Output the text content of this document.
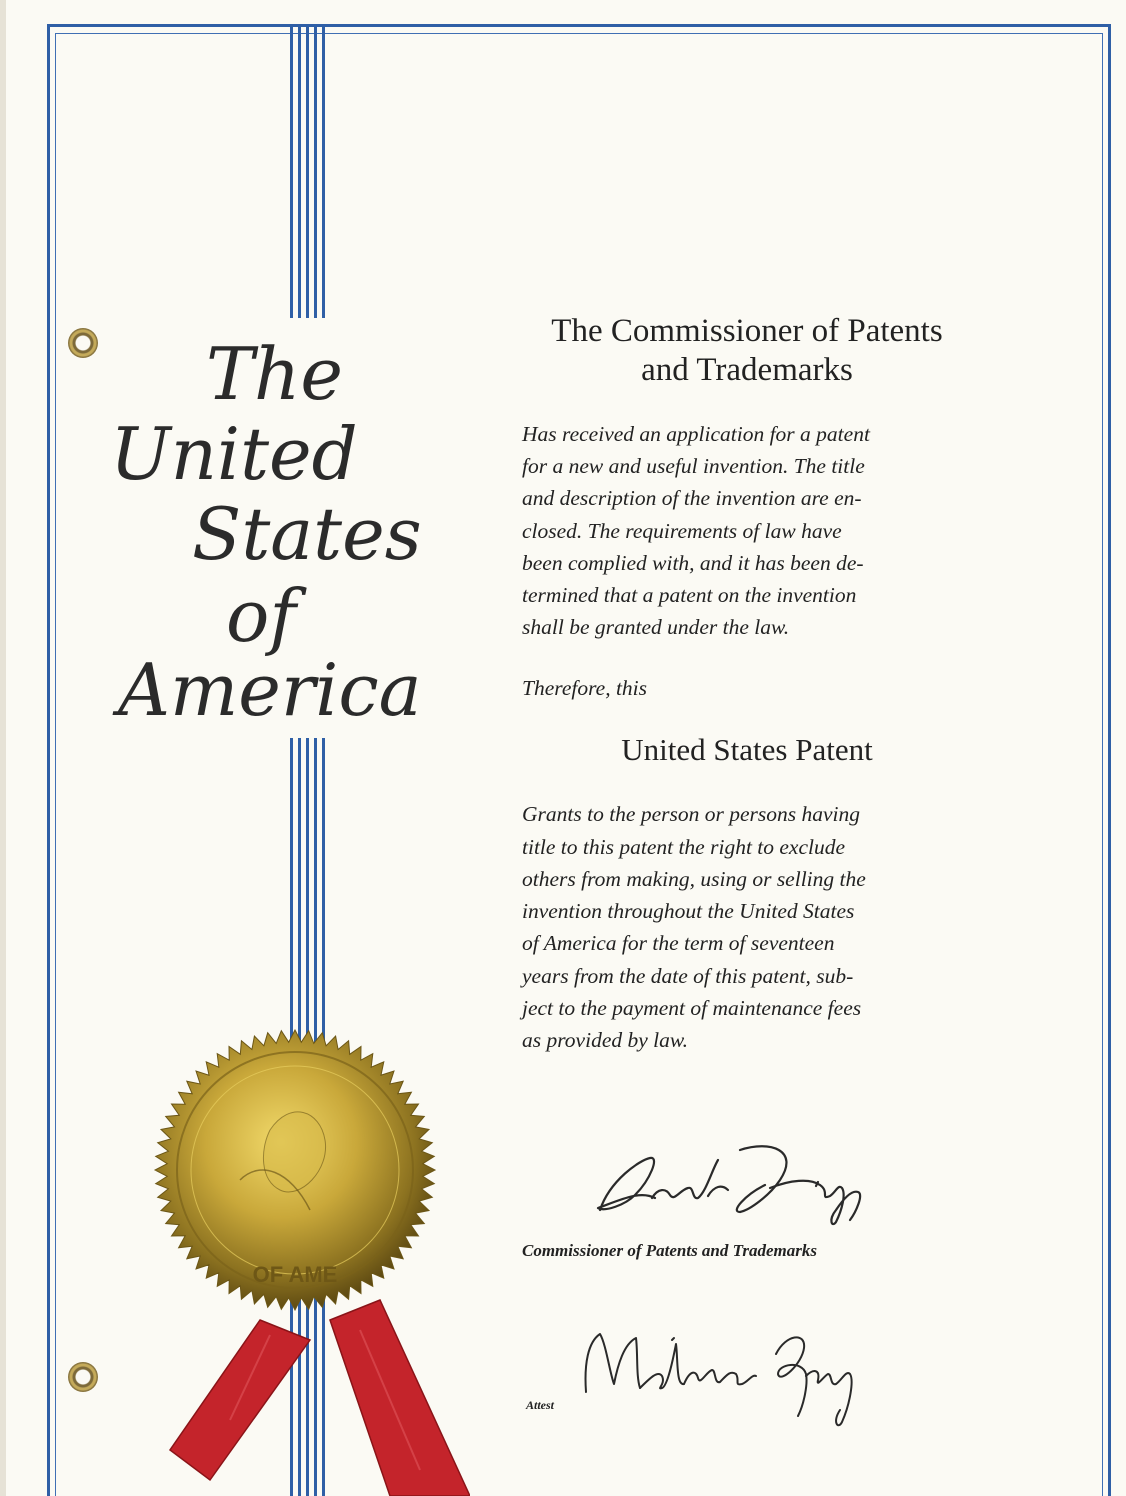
The
United
States
of
America

The Commissioner of Patents
and Trademarks

Has received an application for a patent
for a new and useful invention. The title
and description of the invention are en-
closed. The requirements of law have
been complied with, and it has been de-
termined that a patent on the invention
shall be granted under the law.

Therefore, this

United States Patent

Grants to the person or persons having
title to this patent the right to exclude
others from making, using or selling the
invention throughout the United States
of America for the term of seventeen
years from the date of this patent, sub-
ject to the payment of maintenance fees
as provided by law.

Commissioner of Patents and Trademarks
Attest
OF AME
